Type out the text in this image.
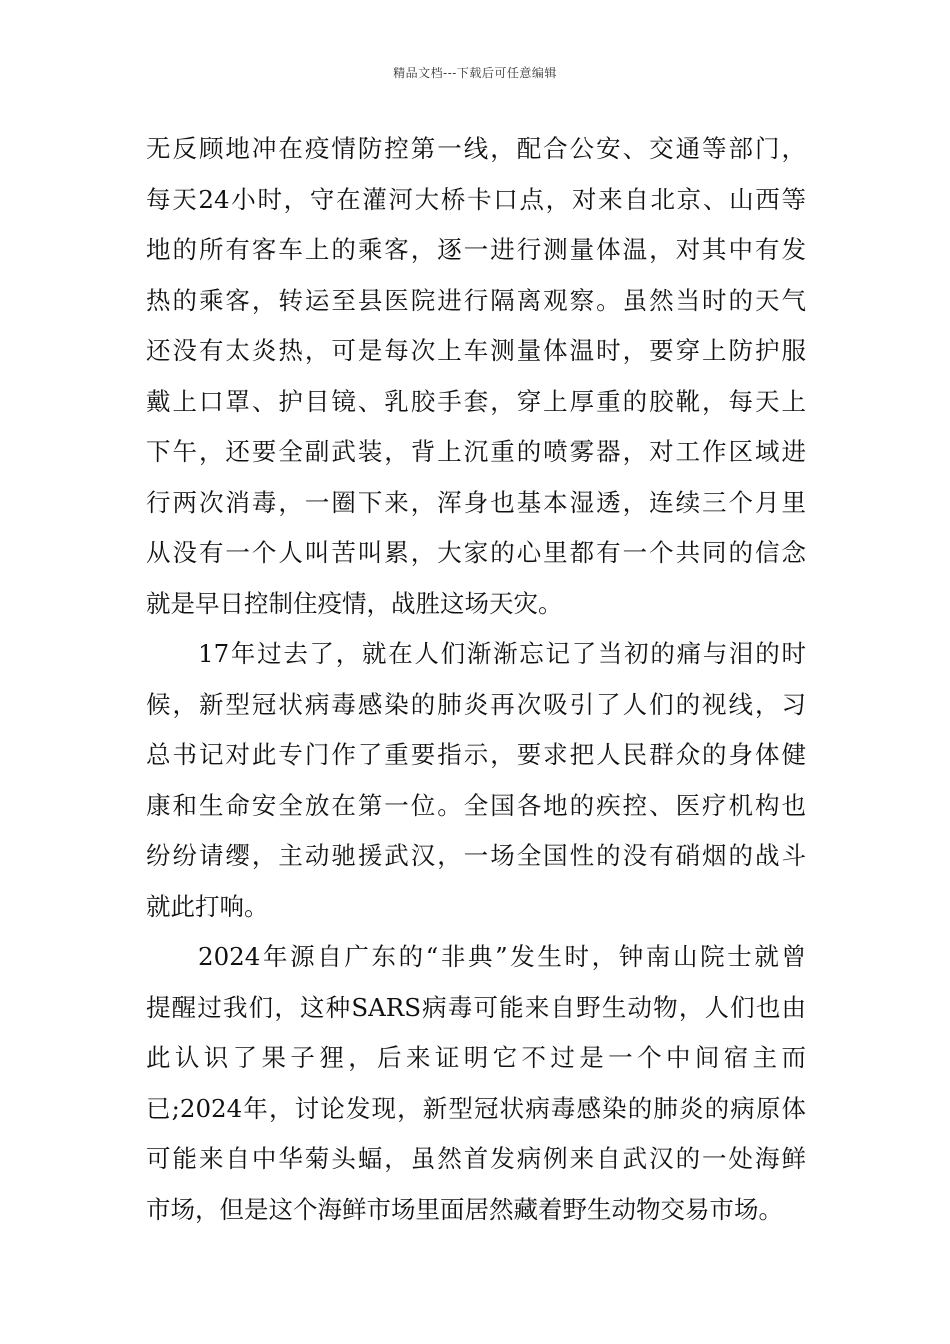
精品文档---下载后可任意编辑
无反顾地冲在疫情防控第一线，配合公安、交通等部门，
每天24小时，守在灌河大桥卡口点，对来自北京、山西等
地的所有客车上的乘客，逐一进行测量体温，对其中有发
热的乘客，转运至县医院进行隔离观察。虽然当时的天气
还没有太炎热，可是每次上车测量体温时，要穿上防护服
戴上口罩、护目镜、乳胶手套，穿上厚重的胶靴，每天上
下午，还要全副武装，背上沉重的喷雾器，对工作区域进
行两次消毒，一圈下来，浑身也基本湿透，连续三个月里
从没有一个人叫苦叫累，大家的心里都有一个共同的信念
就是早日控制住疫情，战胜这场天灾。
17年过去了，就在人们渐渐忘记了当初的痛与泪的时
候，新型冠状病毒感染的肺炎再次吸引了人们的视线，习
总书记对此专门作了重要指示，要求把人民群众的身体健
康和生命安全放在第一位。全国各地的疾控、医疗机构也
纷纷请缨，主动驰援武汉，一场全国性的没有硝烟的战斗
就此打响。
2024年源自广东的“非典”发生时，钟南山院士就曾
提醒过我们，这种SARS病毒可能来自野生动物，人们也由
此认识了果子狸，后来证明它不过是一个中间宿主而
已;2024年，讨论发现，新型冠状病毒感染的肺炎的病原体
可能来自中华菊头蝠，虽然首发病例来自武汉的一处海鲜
市场，但是这个海鲜市场里面居然藏着野生动物交易市场。
